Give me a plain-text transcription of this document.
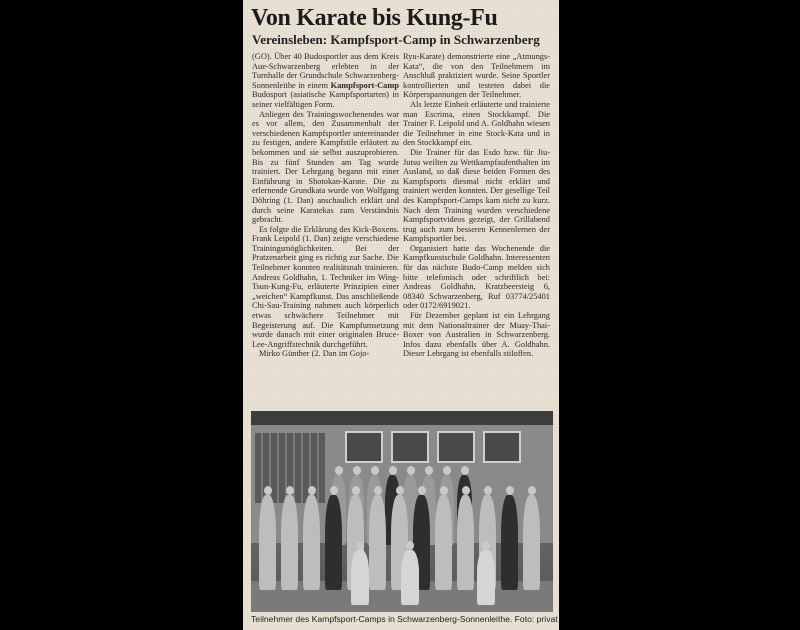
Von Karate bis Kung-Fu
Vereinsleben: Kampfsport-Camp in Schwarzenberg

(GO). Über 40 Budosportler aus dem Kreis Aue-Schwarzenberg erlebten in der Turnhalle der Grundschule Schwarzenberg-Sonnenleithe in einem Kampfsport-Camp Budosport (asiatische Kampfsportarten) in seiner vielfältigen Form.

Anliegen des Trainingswochenendes war es vor allem, den Zusammenhalt der verschiedenen Kampfsportler untereinander zu festigen, andere Kampfstile erläutert zu bekommen und sie selbst auszuprobieren. Bis zu fünf Stunden am Tag wurde trainiert. Der Lehrgang begann mit einer Einführung in Shotokan-Karate. Die zu erlernende Grundkata wurde von Wolfgang Döhring (1. Dan) anschaulich erklärt und durch seine Karatekas zum Verständnis gebracht.

Es folgte die Erklärung des Kick-Boxens. Frank Leipold (1. Dan) zeigte verschiedene Trainingsmöglichkeiten. Bei der Pratzenarbeit ging es richtig zur Sache. Die Teilnehmer konnten realitätsnah trainieren. Andreas Goldhahn, 1. Techniker im Wing-Tsun-Kung-Fu, erläuterte Prinzipien einer „weichen“ Kampfkunst. Das anschließende Chi-Sau-Training nahmen auch körperlich etwas schwächere Teilnehmer mit Begeisterung auf. Die Kampfumsetzung wurde danach mit einer originalen Bruce-Lee-Angriffstechnik durchgeführt.

Mirko Günther (2. Dan im Gojo-

Ryu-Karate) demonstrierte eine „Atmungs-Kata“, die von den Teilnehmern im Anschluß praktiziert wurde. Seine Sportler kontrollierten und testeten dabei die Körperspannungen der Teilnehmer.

Als letzte Einheit erläuterte und trainierte man Escrima, einen Stockkampf. Die Trainer F. Leipold und A. Goldhahn wiesen die Teilnehmer in eine Stock-Kata und in den Stockkampf ein.

Die Trainer für das Esdo bzw. für Jiu-Jutsu weilten zu Wettkampfaufenthalten im Ausland, so daß diese beiden Formen des Kampfsports diesmal nicht erklärt und trainiert werden konnten. Der gesellige Teil des Kampfsport-Camps kam nicht zu kurz. Nach dem Training wurden verschiedene Kampfsportvideos gezeigt, der Grillabend trug auch zum besseren Kennenlernen der Kampfsportler bei.

Organisiert hatte das Wochenende die Kampfkunstschule Goldhahn. Interessenten für das nächste Budo-Camp melden sich bitte telefonisch oder schriftlich bei: Andreas Goldhahn, Kratzbeersteig 6, 08340 Schwarzenberg, Ruf 03774/25401 oder 0172/6919021.

Für Dezember geplant ist ein Lehrgang mit dem Nationaltrainer der Muay-Thai-Boxer von Australien in Schwarzenberg. Infos dazu ebenfalls über A. Goldhahn. Dieser Lehrgang ist ebenfalls stiloffen.

Teilnehmer des Kampfsport-Camps in Schwarzenberg-Sonnenleithe. Foto: privat
